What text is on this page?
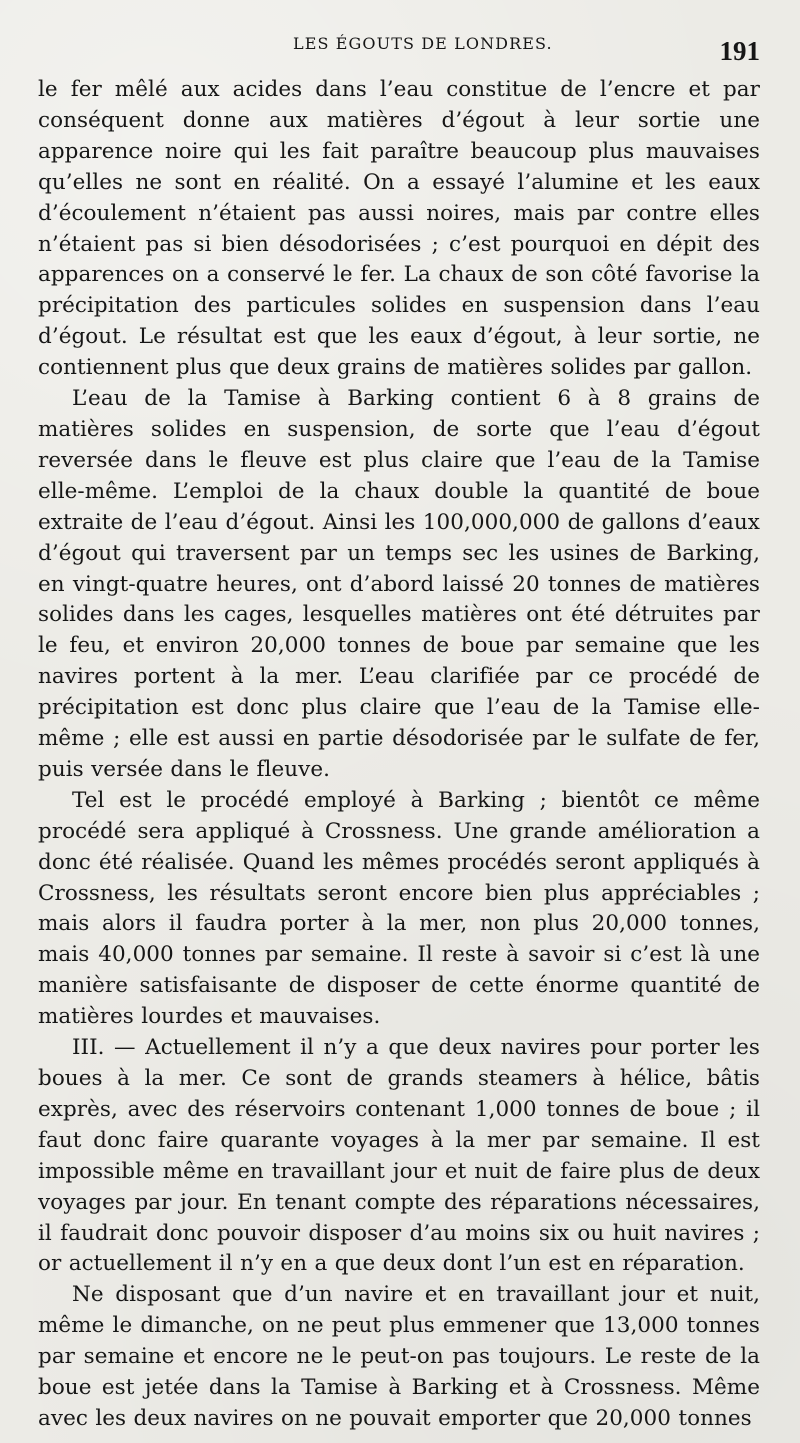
LES ÉGOUTS DE LONDRES.	191

le fer mêlé aux acides dans l’eau constitue de l’encre et par conséquent donne aux matières d’égout à leur sortie une apparence noire qui les fait paraître beaucoup plus mauvaises qu’elles ne sont en réalité. On a essayé l’alumine et les eaux d’écoulement n’étaient pas aussi noires, mais par contre elles n’étaient pas si bien désodorisées ; c’est pourquoi en dépit des apparences on a conservé le fer. La chaux de son côté favorise la précipitation des particules solides en suspension dans l’eau d’égout. Le résultat est que les eaux d’égout, à leur sortie, ne contiennent plus que deux grains de matières solides par gallon.

L’eau de la Tamise à Barking contient 6 à 8 grains de matières solides en suspension, de sorte que l’eau d’égout reversée dans le fleuve est plus claire que l’eau de la Tamise elle-même. L’emploi de la chaux double la quantité de boue extraite de l’eau d’égout. Ainsi les 100,000,000 de gallons d’eaux d’égout qui traversent par un temps sec les usines de Barking, en vingt-quatre heures, ont d’abord laissé 20 tonnes de matières solides dans les cages, lesquelles matières ont été détruites par le feu, et environ 20,000 tonnes de boue par semaine que les navires portent à la mer. L’eau clarifiée par ce procédé de précipitation est donc plus claire que l’eau de la Tamise elle-même ; elle est aussi en partie désodorisée par le sulfate de fer, puis versée dans le fleuve.

Tel est le procédé employé à Barking ; bientôt ce même procédé sera appliqué à Crossness. Une grande amélioration a donc été réalisée. Quand les mêmes procédés seront appliqués à Crossness, les résultats seront encore bien plus appréciables ; mais alors il faudra porter à la mer, non plus 20,000 tonnes, mais 40,000 tonnes par semaine. Il reste à savoir si c’est là une manière satisfaisante de disposer de cette énorme quantité de matières lourdes et mauvaises.

III. — Actuellement il n’y a que deux navires pour porter les boues à la mer. Ce sont de grands steamers à hélice, bâtis exprès, avec des réservoirs contenant 1,000 tonnes de boue ; il faut donc faire quarante voyages à la mer par semaine. Il est impossible même en travaillant jour et nuit de faire plus de deux voyages par jour. En tenant compte des réparations nécessaires, il faudrait donc pouvoir disposer d’au moins six ou huit navires ; or actuellement il n’y en a que deux dont l’un est en réparation.

Ne disposant que d’un navire et en travaillant jour et nuit, même le dimanche, on ne peut plus emmener que 13,000 tonnes par semaine et encore ne le peut-on pas toujours. Le reste de la boue est jetée dans la Tamise à Barking et à Crossness. Même avec les deux navires on ne pouvait emporter que 20,000 tonnes
